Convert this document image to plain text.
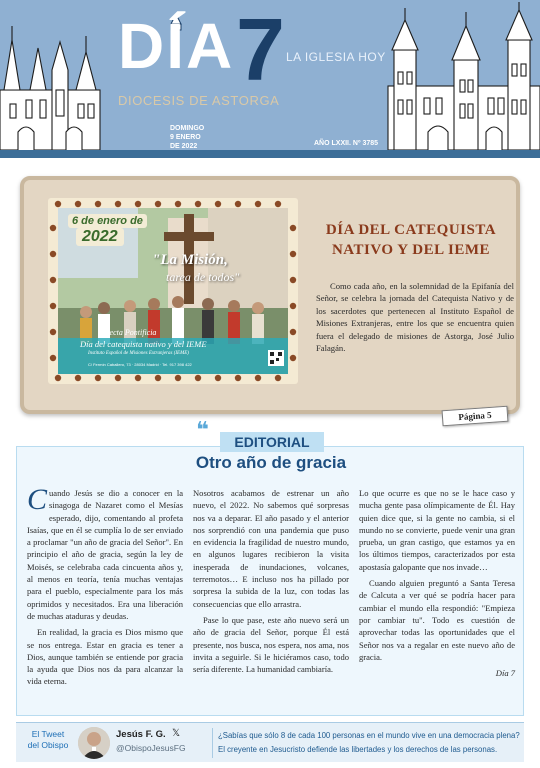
DÍA 7 LA IGLESIA HOY
DIOCESIS DE ASTORGA
DOMINGO
9 ENERO
DE 2022	AÑO LXXII. Nº 3785
6 de enero de
2022
"La Misión,
tarea de todos"
Colecta Pontificia
Día del catequista nativo y del IEME
Instituto Español de Misiones Extranjeras (IEME)
C/ Fermín Caballero, 73 · 28034 Madrid · Tel. 917 398 422
DÍA DEL CATEQUISTA NATIVO Y DEL IEME

Como cada año, en la solemnidad de la Epifanía del Señor, se celebra la jornada del Catequista Nativo y de los sacerdotes que pertenecen al Instituto Español de Misiones Extranjeras, entre los que se encuentra quien fuera el delegado de misiones de Astorga, José Julio Falagán.

Página 5
❝
Otro año de gracia

Cuando Jesús se dio a conocer en la sinagoga de Nazaret como el Mesías esperado, dijo, comentando al profeta Isaías, que en él se cumplía lo de ser enviado a proclamar "un año de gracia del Señor". En principio el año de gracia, según la ley de Moisés, se celebraba cada cincuenta años y, al menos en teoría, tenía muchas ventajas para el pueblo, especialmente para los más oprimidos y necesitados. Era una liberación de muchas ataduras y deudas.

En realidad, la gracia es Dios mismo que se nos entrega. Estar en gracia es tener a Dios, aunque también se entiende por gracia la ayuda que Dios nos da para alcanzar la vida eterna.

Nosotros acabamos de estrenar un año nuevo, el 2022. No sabemos qué sorpresas nos va a deparar. El año pasado y el anterior nos sorprendió con una pandemia que puso en evidencia la fragilidad de nuestro mundo, en algunos lugares recibieron la visita inesperada de inundaciones, volcanes, terremotos… E incluso nos ha pillado por sorpresa la subida de la luz, con todas las consecuencias que ello arrastra.

Pase lo que pase, este año nuevo será un año de gracia del Señor, porque Él está presente, nos busca, nos espera, nos ama, nos invita a seguirle. Si le hiciéramos caso, todo sería diferente. La humanidad cambiaría.

Lo que ocurre es que no se le hace caso y mucha gente pasa olímpicamente de Él. Hay quien dice que, si la gente no cambia, si el mundo no se convierte, puede venir una gran prueba, un gran castigo, que estamos ya en los últimos tiempos, caracterizados por esta apostasía galopante que nos invade…

Cuando alguien preguntó a Santa Teresa de Calcuta a ver qué se podría hacer para cambiar el mundo ella respondió: "Empieza por cambiar tu". Todo es cuestión de aprovechar todas las oportunidades que el Señor nos va a regalar en este nuevo año de gracia.

Día 7

EDITORIAL
El Tweet
del Obispo
Jesús F. G. 𝕏
@ObispoJesusFG
¿Sabías que sólo 8 de cada 100 personas en el mundo vive en una democracia plena?
El creyente en Jesucristo defiende las libertades y los derechos de las personas.
